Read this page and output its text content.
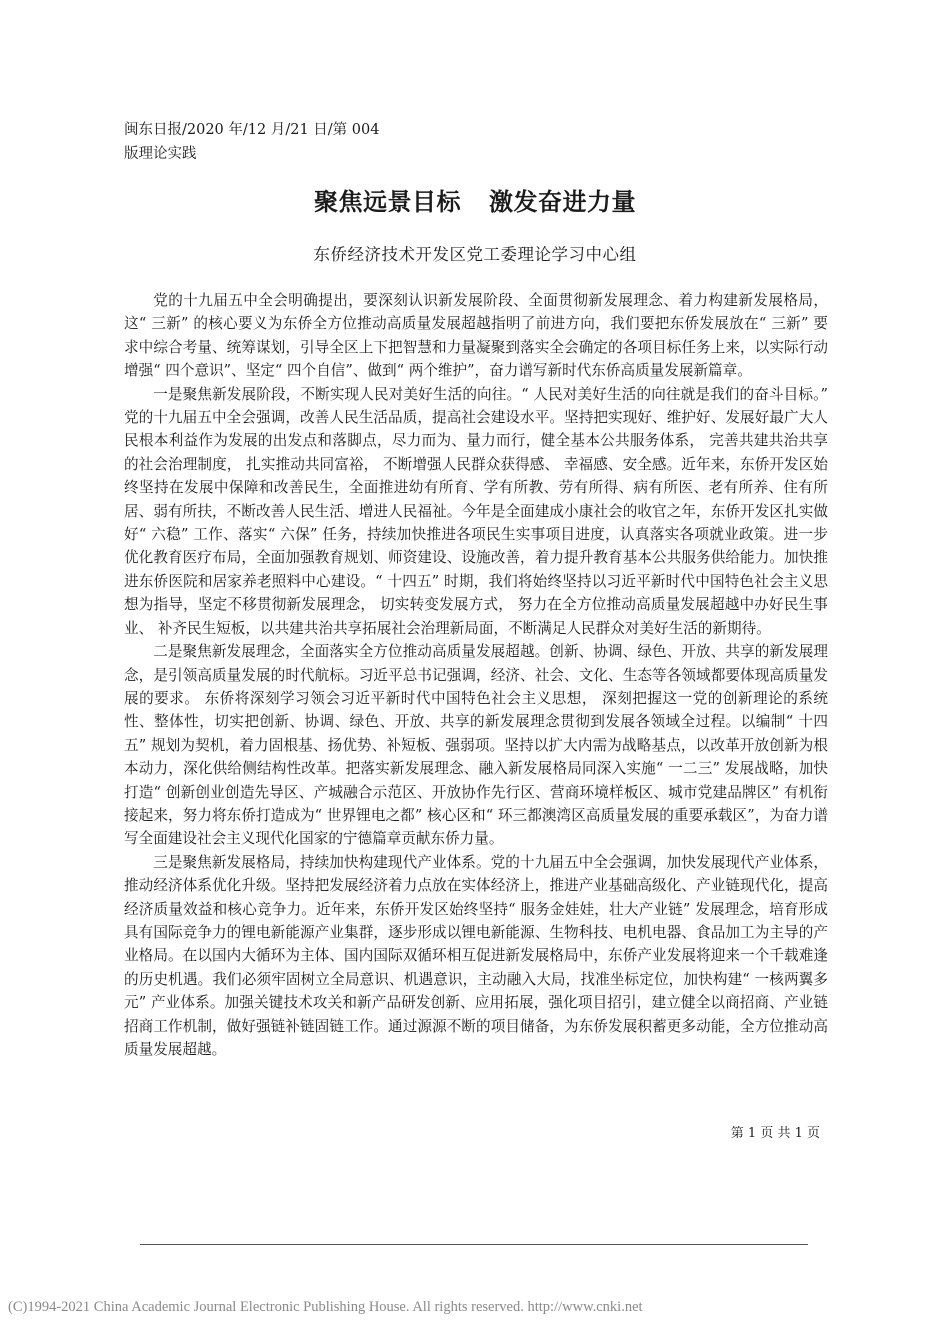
闽东日报/2020 年/12 月/21 日/第 004
版理论实践
聚焦远景目标 激发奋进力量
东侨经济技术开发区党工委理论学习中心组

党的十九届五中全会明确提出，要深刻认识新发展阶段、全面贯彻新发展理念、着力构建新发展格局，这“ 三新” 的核心要义为东侨全方位推动高质量发展超越指明了前进方向，我们要把东侨发展放在“ 三新” 要求中综合考量、统筹谋划，引导全区上下把智慧和力量凝聚到落实全会确定的各项目标任务上来，以实际行动增强“ 四个意识”、坚定“ 四个自信”、做到“ 两个维护”，奋力谱写新时代东侨高质量发展新篇章。

一是聚焦新发展阶段，不断实现人民对美好生活的向往。“ 人民对美好生活的向往就是我们的奋斗目标。” 党的十九届五中全会强调，改善人民生活品质，提高社会建设水平。坚持把实现好、维护好、发展好最广大人民根本利益作为发展的出发点和落脚点，尽力而为、量力而行，健全基本公共服务体系， 完善共建共治共享的社会治理制度， 扎实推动共同富裕， 不断增强人民群众获得感、 幸福感、安全感。近年来，东侨开发区始终坚持在发展中保障和改善民生，全面推进幼有所育、学有所教、劳有所得、病有所医、老有所养、住有所居、弱有所扶，不断改善人民生活、增进人民福祉。今年是全面建成小康社会的收官之年，东侨开发区扎实做好“ 六稳” 工作、落实“ 六保” 任务，持续加快推进各项民生实事项目进度，认真落实各项就业政策。进一步优化教育医疗布局，全面加强教育规划、师资建设、设施改善，着力提升教育基本公共服务供给能力。加快推进东侨医院和居家养老照料中心建设。“ 十四五” 时期，我们将始终坚持以习近平新时代中国特色社会主义思想为指导，坚定不移贯彻新发展理念， 切实转变发展方式， 努力在全方位推动高质量发展超越中办好民生事业、 补齐民生短板，以共建共治共享拓展社会治理新局面，不断满足人民群众对美好生活的新期待。

二是聚焦新发展理念，全面落实全方位推动高质量发展超越。创新、协调、绿色、开放、共享的新发展理念，是引领高质量发展的时代航标。习近平总书记强调，经济、社会、文化、生态等各领域都要体现高质量发展的要求。 东侨将深刻学习领会习近平新时代中国特色社会主义思想， 深刻把握这一党的创新理论的系统性、整体性，切实把创新、协调、绿色、开放、共享的新发展理念贯彻到发展各领域全过程。以编制“ 十四五” 规划为契机，着力固根基、扬优势、补短板、强弱项。坚持以扩大内需为战略基点，以改革开放创新为根本动力，深化供给侧结构性改革。把落实新发展理念、融入新发展格局同深入实施“ 一二三” 发展战略，加快打造“ 创新创业创造先导区、产城融合示范区、开放协作先行区、营商环境样板区、城市党建品牌区” 有机衔接起来，努力将东侨打造成为“ 世界锂电之都” 核心区和“ 环三都澳湾区高质量发展的重要承载区”，为奋力谱写全面建设社会主义现代化国家的宁德篇章贡献东侨力量。

三是聚焦新发展格局，持续加快构建现代产业体系。党的十九届五中全会强调，加快发展现代产业体系，推动经济体系优化升级。坚持把发展经济着力点放在实体经济上，推进产业基础高级化、产业链现代化，提高经济质量效益和核心竞争力。近年来，东侨开发区始终坚持“ 服务金娃娃，壮大产业链” 发展理念，培育形成具有国际竞争力的锂电新能源产业集群，逐步形成以锂电新能源、生物科技、电机电器、食品加工为主导的产业格局。在以国内大循环为主体、国内国际双循环相互促进新发展格局中，东侨产业发展将迎来一个千载难逢的历史机遇。我们必须牢固树立全局意识、机遇意识，主动融入大局，找准坐标定位，加快构建“ 一核两翼多元” 产业体系。加强关键技术攻关和新产品研发创新、应用拓展，强化项目招引，建立健全以商招商、产业链招商工作机制，做好强链补链固链工作。通过源源不断的项目储备，为东侨发展积蓄更多动能，全方位推动高质量发展超越。

第 1 页 共 1 页
(C)1994-2021 China Academic Journal Electronic Publishing House. All rights reserved. http://www.cnki.net
